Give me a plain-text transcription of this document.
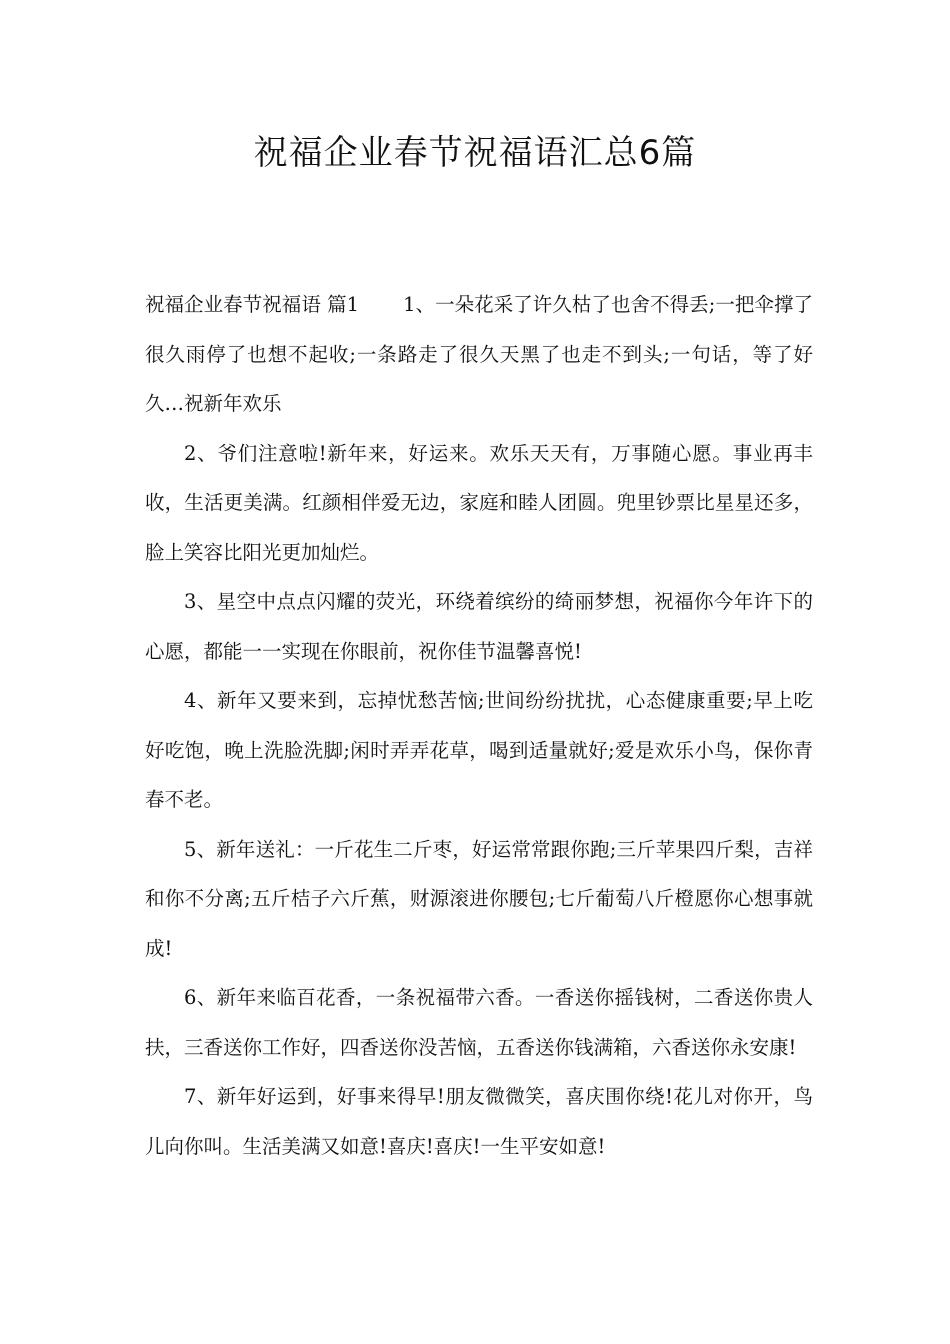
祝福企业春节祝福语汇总6篇

祝福企业春节祝福语 篇1 1、一朵花采了许久枯了也舍不得丢;一把伞撑了很久雨停了也想不起收;一条路走了很久天黑了也走不到头;一句话，等了好久…祝新年欢乐

2、爷们注意啦!新年来，好运来。欢乐天天有，万事随心愿。事业再丰收，生活更美满。红颜相伴爱无边，家庭和睦人团圆。兜里钞票比星星还多，脸上笑容比阳光更加灿烂。

3、星空中点点闪耀的荧光，环绕着缤纷的绮丽梦想，祝福你今年许下的心愿，都能一一实现在你眼前，祝你佳节温馨喜悦!

4、新年又要来到，忘掉忧愁苦恼;世间纷纷扰扰，心态健康重要;早上吃好吃饱，晚上洗脸洗脚;闲时弄弄花草，喝到适量就好;爱是欢乐小鸟，保你青春不老。

5、新年送礼：一斤花生二斤枣，好运常常跟你跑;三斤苹果四斤梨，吉祥和你不分离;五斤桔子六斤蕉，财源滚进你腰包;七斤葡萄八斤橙愿你心想事就成!

6、新年来临百花香，一条祝福带六香。一香送你摇钱树，二香送你贵人扶，三香送你工作好，四香送你没苦恼，五香送你钱满箱，六香送你永安康!

7、新年好运到，好事来得早!朋友微微笑，喜庆围你绕!花儿对你开，鸟儿向你叫。生活美满又如意!喜庆!喜庆!一生平安如意!
